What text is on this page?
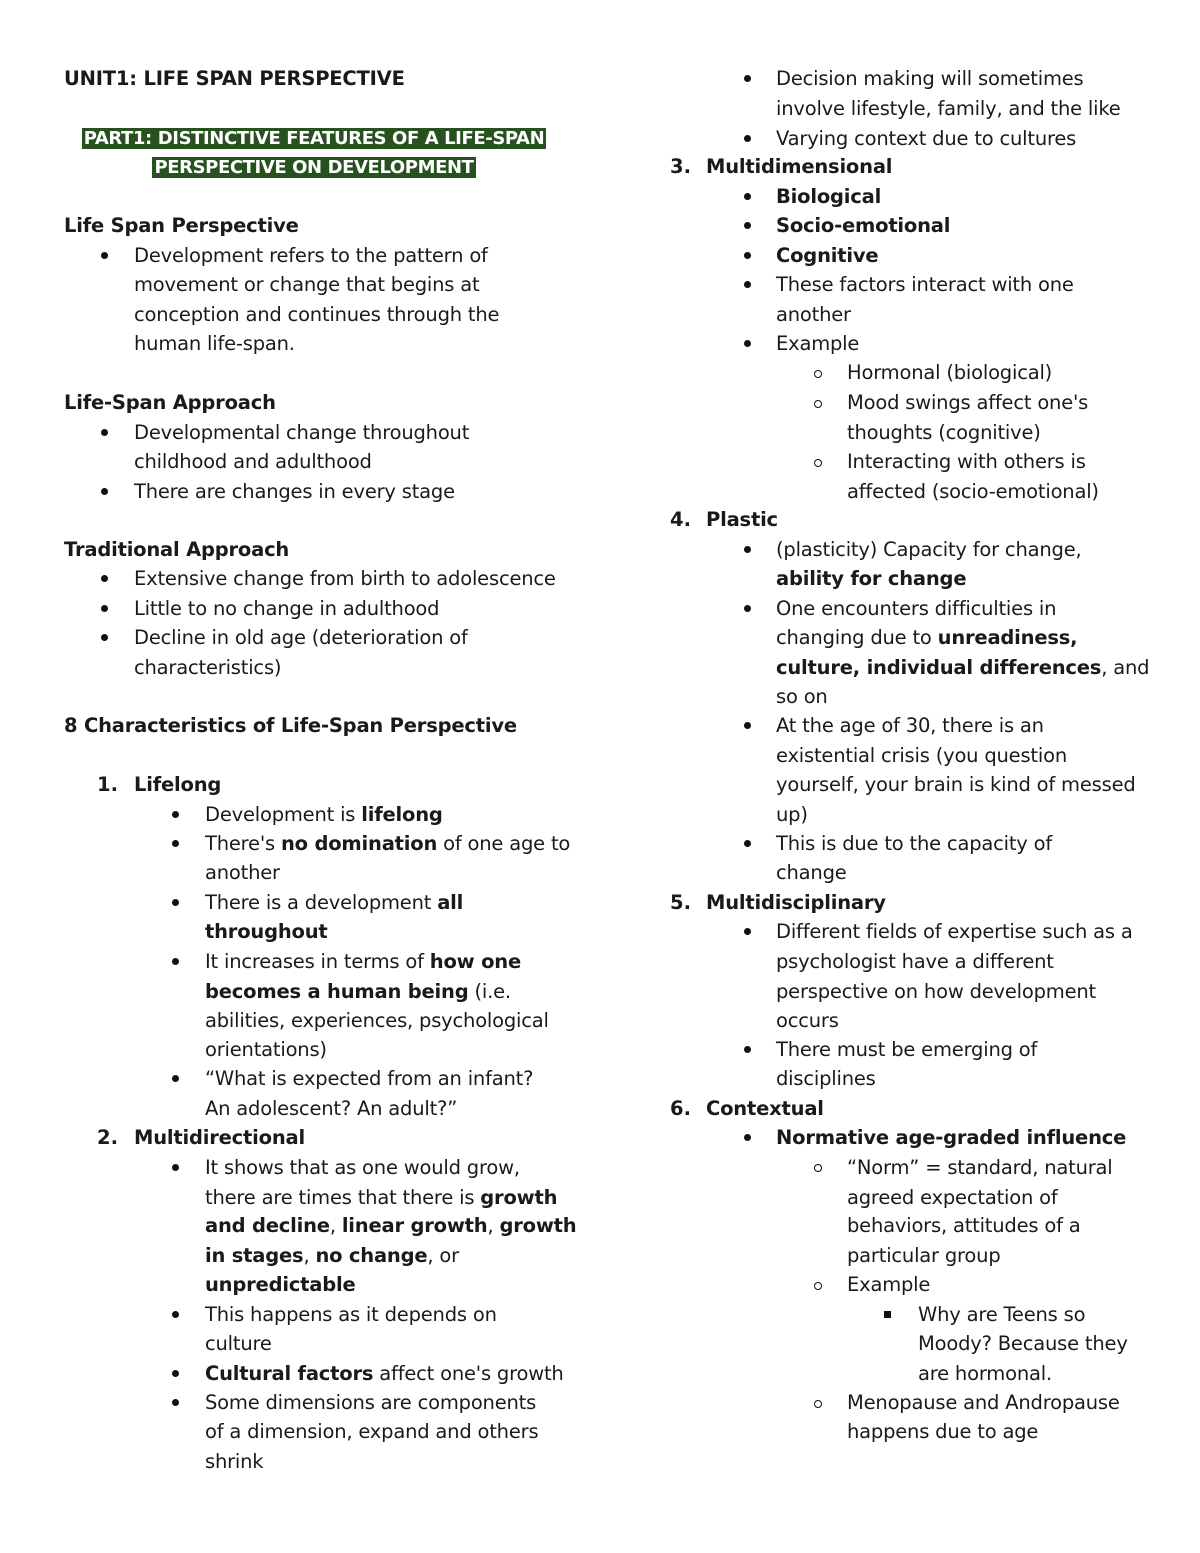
UNIT1: LIFE SPAN PERSPECTIVE
PART1: DISTINCTIVE FEATURES OF A LIFE-SPAN
PERSPECTIVE ON DEVELOPMENT
Life Span Perspective
Development refers to the pattern of
movement or change that begins at
conception and continues through the
human life-span.
Life-Span Approach
Developmental change throughout
childhood and adulthood
There are changes in every stage
Traditional Approach
Extensive change from birth to adolescence
Little to no change in adulthood
Decline in old age (deterioration of
characteristics)
8 Characteristics of Life-Span Perspective
1. Lifelong
Development is lifelong
There's no domination of one age to
another
There is a development all
throughout
It increases in terms of how one
becomes a human being (i.e.
abilities, experiences, psychological
orientations)
“What is expected from an infant?
An adolescent? An adult?”
2. Multidirectional
It shows that as one would grow,
there are times that there is growth
and decline, linear growth, growth
in stages, no change, or
unpredictable
This happens as it depends on
culture
Cultural factors affect one's growth
Some dimensions are components
of a dimension, expand and others
shrink
Decision making will sometimes
involve lifestyle, family, and the like
Varying context due to cultures
3. Multidimensional
Biological
Socio-emotional
Cognitive
These factors interact with one
another
Example
Hormonal (biological)
Mood swings affect one's
thoughts (cognitive)
Interacting with others is
affected (socio-emotional)
4. Plastic
(plasticity) Capacity for change,
ability for change
One encounters difficulties in
changing due to unreadiness,
culture, individual differences, and
so on
At the age of 30, there is an
existential crisis (you question
yourself, your brain is kind of messed
up)
This is due to the capacity of
change
5. Multidisciplinary
Different fields of expertise such as a
psychologist have a different
perspective on how development
occurs
There must be emerging of
disciplines
6. Contextual
Normative age-graded influence
“Norm” = standard, natural
agreed expectation of
behaviors, attitudes of a
particular group
Example
Why are Teens so
Moody? Because they
are hormonal.
Menopause and Andropause
happens due to age
